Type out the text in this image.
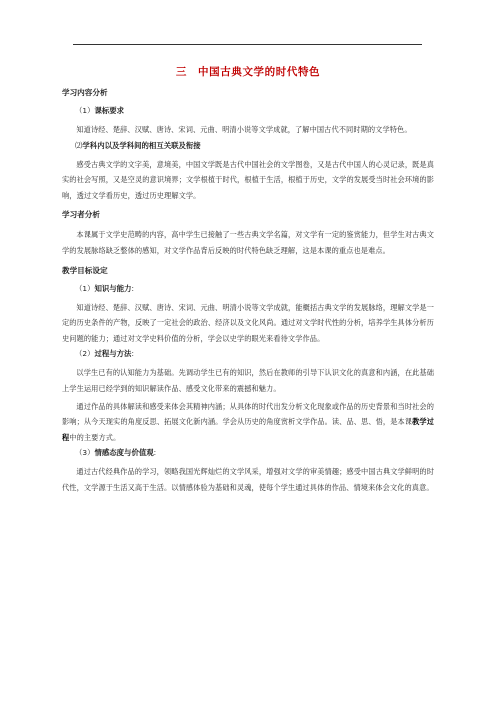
三　中国古典文学的时代特色
学习内容分析
（1）课标要求
知道诗经、楚辞、汉赋、唐诗、宋词、元曲、明清小说等文学成就，了解中国古代不同时期的文学特色。
⑵学科内以及学科间的相互关联及衔接
感受古典文学的文字美，意境美，中国文学既是古代中国社会的文学图卷，又是古代中国人的心灵记录，既是真实的社会写照，又是空灵的意识境界；文学根植于时代，根植于生活，根植于历史，文学的发展受当时社会环境的影响，透过文学看历史，透过历史理解文学。
学习者分析
本课属于文学史范畴的内容，高中学生已接触了一些古典文学名篇，对文学有一定的鉴赏能力，但学生对古典文学的发展脉络缺乏整体的感知，对文学作品背后反映的时代特色缺乏理解，这是本课的重点也是难点。
教学目标设定
（1）知识与能力:
知道诗经、楚辞、汉赋、唐诗、宋词、元曲、明清小说等文学成就，能概括古典文学的发展脉络，理解文学是一定的历史条件的产物，反映了一定社会的政治、经济以及文化风尚。通过对文学时代性的分析，培养学生具体分析历史问题的能力；通过对文学史料价值的分析，学会以史学的眼光来看待文学作品。
（2）过程与方法:
以学生已有的认知能力为基础。先调动学生已有的知识，然后在教师的引导下认识文化的真意和内涵，在此基础上学生运用已经学到的知识解读作品、感受文化带来的震撼和魅力。
通过作品的具体解读和感受来体会其精神内涵；从具体的时代出发分析文化现象或作品的历史背景和当时社会的影响；从今天现实的角度反思、拓展文化新内涵。学会从历史的角度赏析文学作品。读、品、思、悟，是本课教学过程中的主要方式。
（3）情感态度与价值观:
通过古代经典作品的学习，领略我国光辉灿烂的文学风采，增强对文学的审美情趣；感受中国古典文学鲜明的时代性，文学源于生活又高于生活。以情感体验为基础和灵魂，使每个学生通过具体的作品、情境来体会文化的真意。
